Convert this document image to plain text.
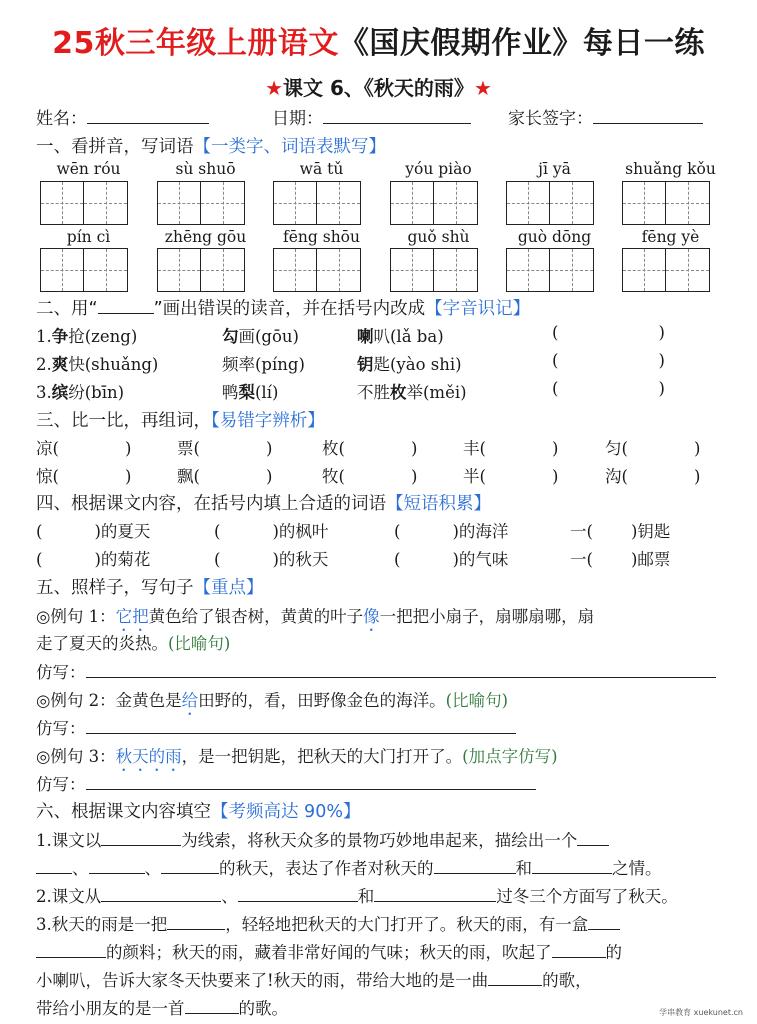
25秋三年级上册语文《国庆假期作业》每日一练
★课文 6、《秋天的雨》★
姓名：	日期：	家长签字：
一、看拼音，写词语【一类字、词语表默写】
wēn róu	sù shuō	wā tǔ	yóu piào	jī yā	shuǎng kǒu
pín cì	zhēng gōu	fēng shōu	guǒ shù	guò dōng	fēng yè
二、用“	”画出错误的读音，并在括号内改成【字音识记】
1.争抢(zeng)	勾画(gōu)	喇叭(lǎ ba)	(	)
2.爽快(shuǎng)	频率(píng)	钥匙(yào shi)	(	)
3.缤纷(bīn)	鸭梨(lí)	不胜枚举(měi)	(	)
三、比一比，再组词，【易错字辨析】
凉(	)	票(	)	枚(	)	丰(	)	匀(	)
惊(	)	飘(	)	牧(	)	半(	)	沟(	)
四、根据课文内容，在括号内填上合适的词语【短语积累】
(	)的夏天	(	)的枫叶	(	)的海洋	一( )钥匙
(	)的菊花	(	)的秋天	(	)的气味	一( )邮票
五、照样子，写句子【重点】
◎例句 1：它把黄色给了银杏树，黄黄的叶子像一把把小扇子，扇哪扇哪，扇
走了夏天的炎热。(比喻句)
仿写：
◎例句 2：金黄色是给田野的，看，田野像金色的海洋。(比喻句)
仿写：
◎例句 3：秋天的雨，是一把钥匙，把秋天的大门打开了。(加点字仿写)
仿写：
六、根据课文内容填空【考频高达 90%】
1.课文以	为线索，将秋天众多的景物巧妙地串起来，描绘出一个
、	、	的秋天，表达了作者对秋天的	和	之情。
2.课文从	、	和	过冬三个方面写了秋天。
3.秋天的雨是一把	，轻轻地把秋天的大门打开了。秋天的雨，有一盒
的颜料；秋天的雨，藏着非常好闻的气味；秋天的雨，吹起了	的
小喇叭，告诉大家冬天快要来了!秋天的雨，带给大地的是一曲	的歌，
带给小朋友的是一首	的歌。	学串教育 xuekunet.cn
